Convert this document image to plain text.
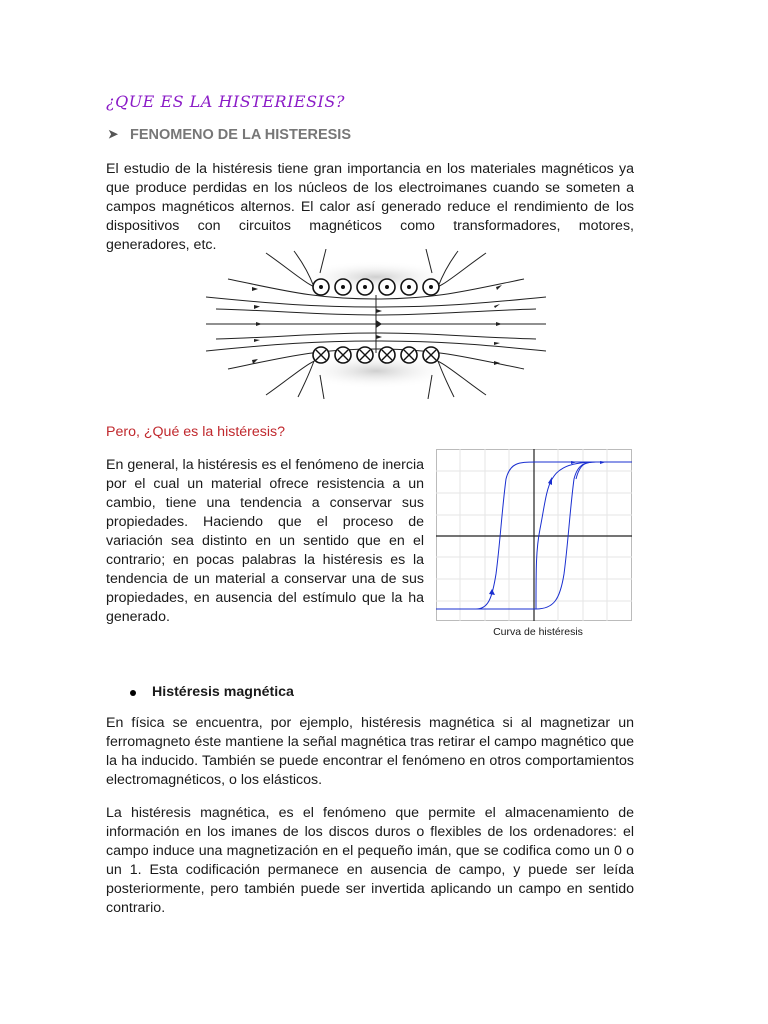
¿QUE ES LA HISTERIESIS?
➤ FENOMENO DE LA HISTERESIS

El estudio de la histéresis tiene gran importancia en los materiales magnéticos ya que produce perdidas en los núcleos de los electroimanes cuando se someten a campos magnéticos alternos. El calor así generado reduce el rendimiento de los dispositivos con circuitos magnéticos como transformadores, motores, generadores, etc.

Pero, ¿Qué es la histéresis?

En general, la histéresis es el fenómeno de inercia por el cual un material ofrece resistencia a un cambio, tiene una tendencia a conservar sus propiedades. Haciendo que el proceso de variación sea distinto en un sentido que en el contrario; en pocas palabras la histéresis es la tendencia de un material a conservar una de sus propiedades, en ausencia del estímulo que la ha generado.

Curva de histéresis
Histéresis magnética

En física se encuentra, por ejemplo, histéresis magnética si al magnetizar un ferromagneto éste mantiene la señal magnética tras retirar el campo magnético que la ha inducido. También se puede encontrar el fenómeno en otros comportamientos electromagnéticos, o los elásticos.

La histéresis magnética, es el fenómeno que permite el almacenamiento de información en los imanes de los discos duros o flexibles de los ordenadores: el campo induce una magnetización en el pequeño imán, que se codifica como un 0 o un 1. Esta codificación permanece en ausencia de campo, y puede ser leída posteriormente, pero también puede ser invertida aplicando un campo en sentido contrario.
